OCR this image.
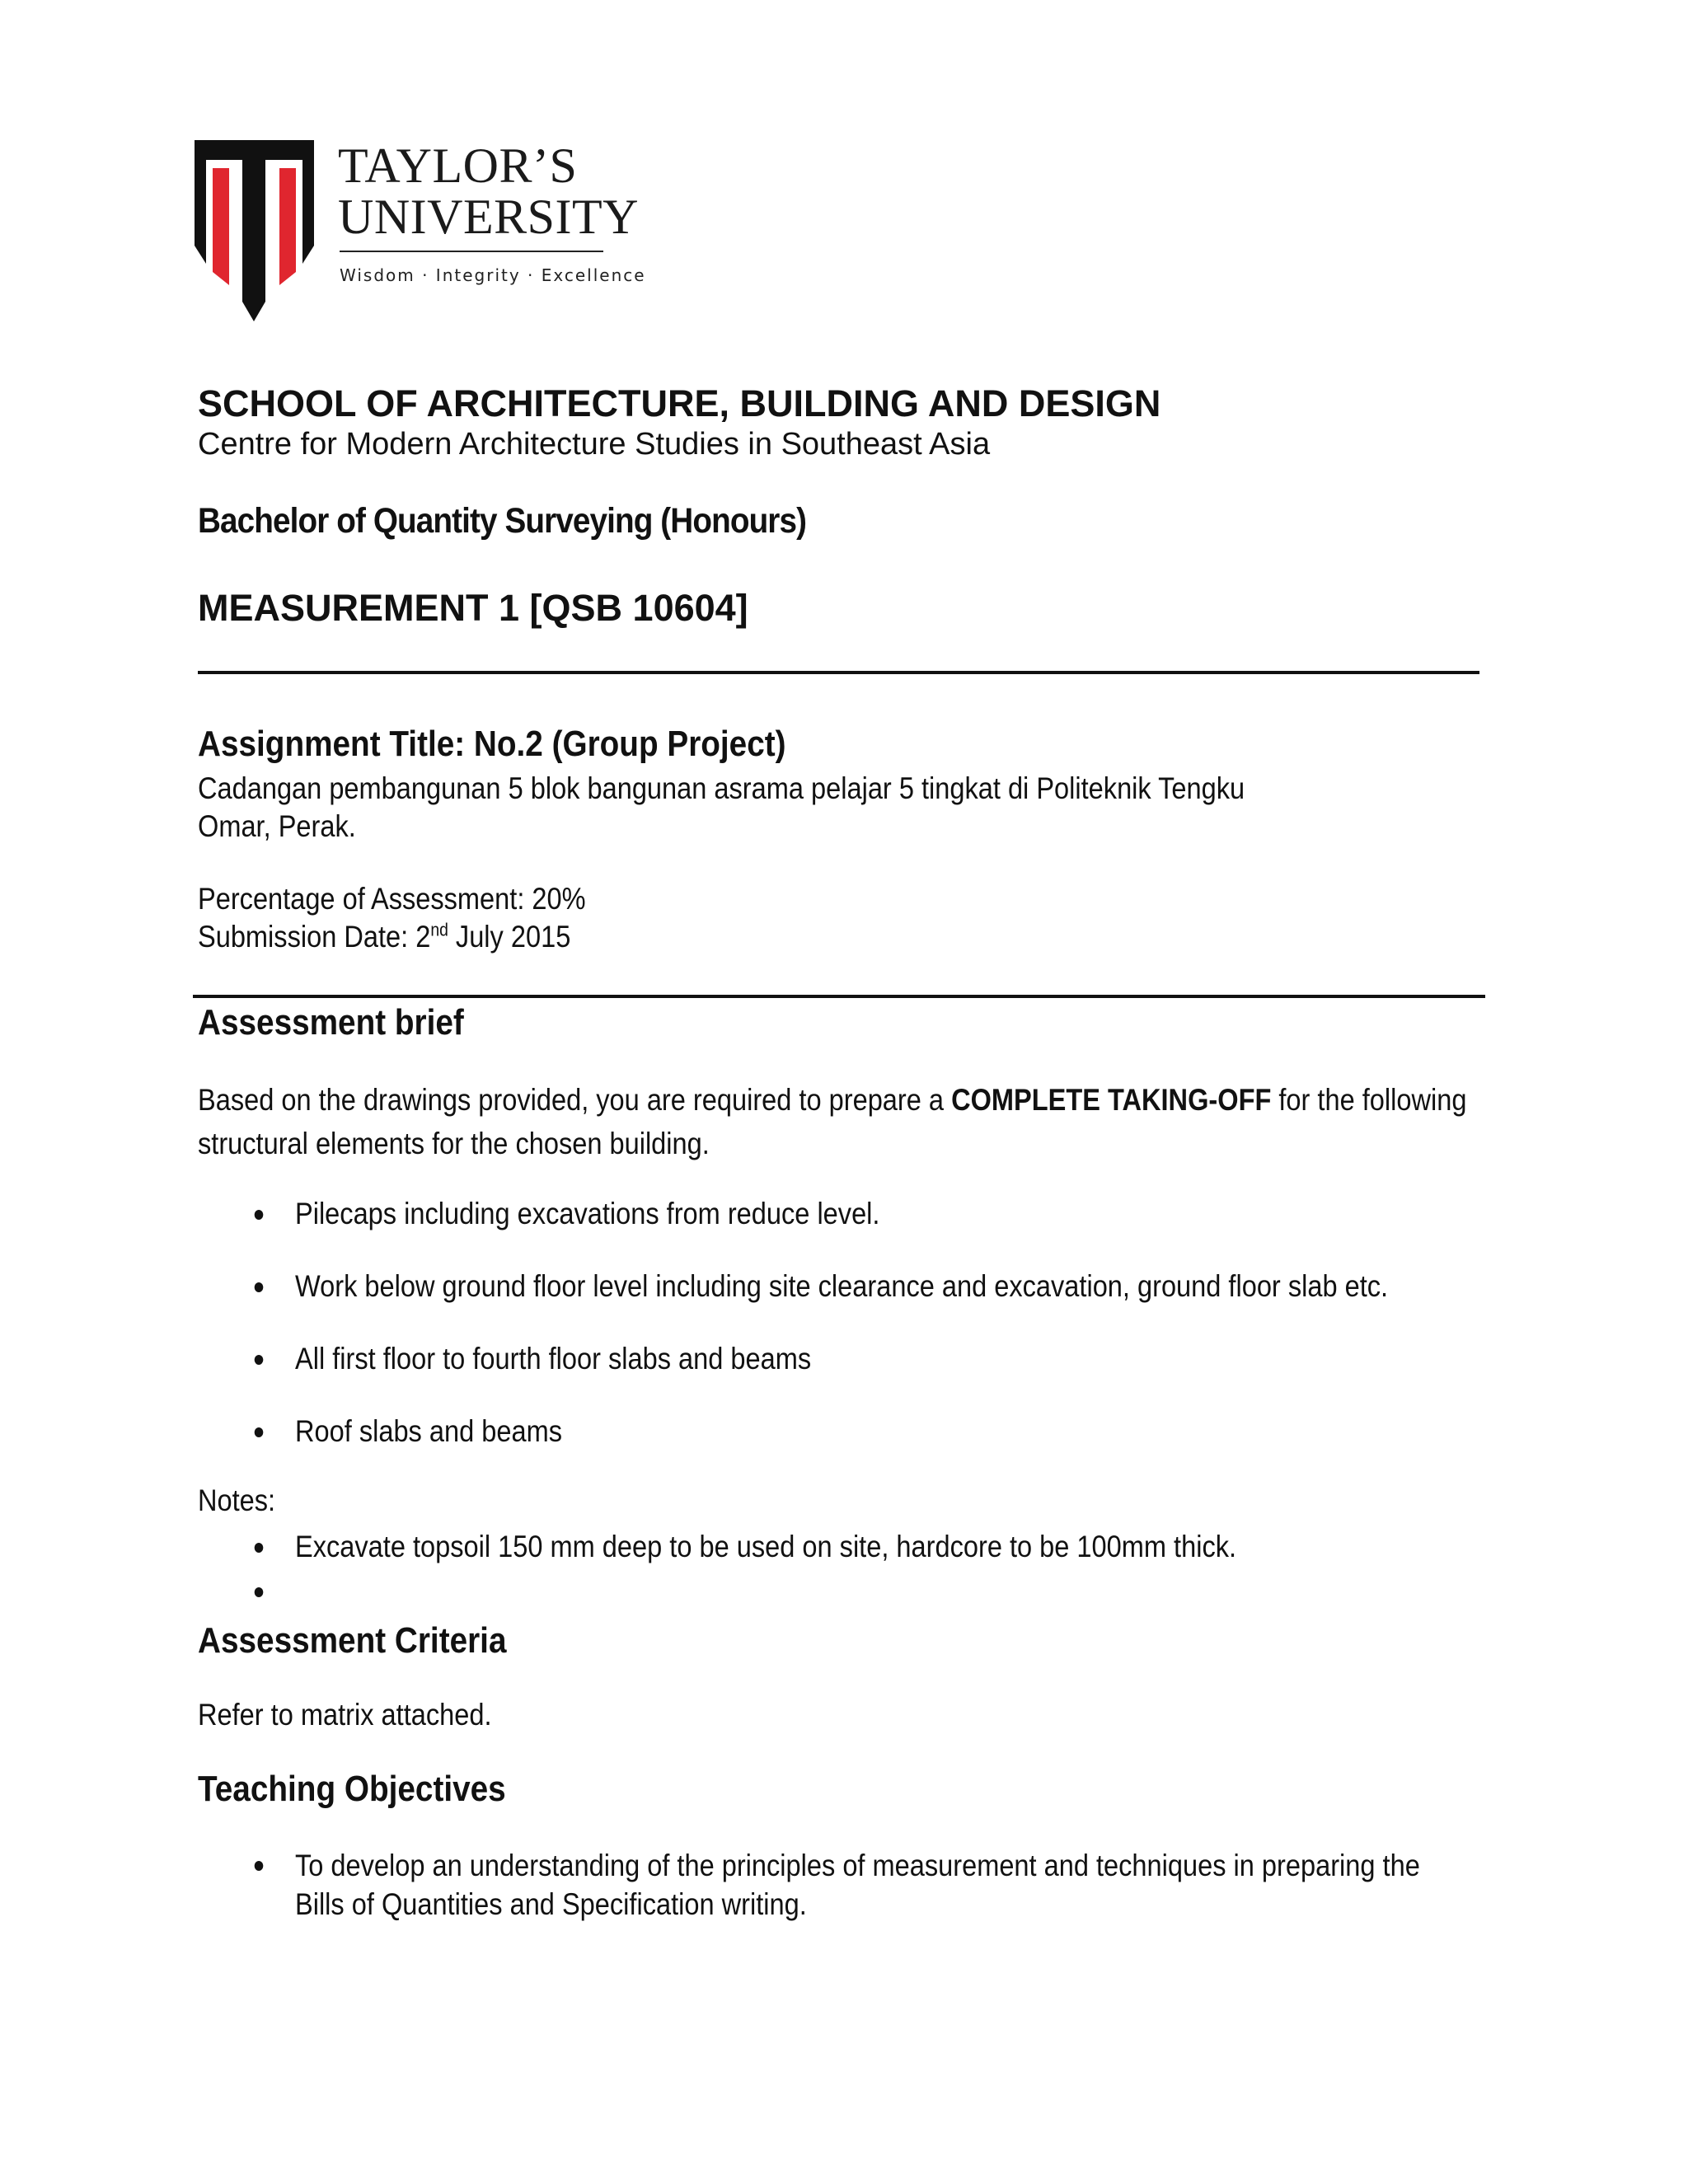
TAYLOR’S
UNIVERSITY
Wisdom · Integrity · Excellence
SCHOOL OF ARCHITECTURE, BUILDING AND DESIGN
Centre for Modern Architecture Studies in Southeast Asia
Bachelor of Quantity Surveying (Honours)
MEASUREMENT 1 [QSB 10604]
Assignment Title: No.2 (Group Project)
Cadangan pembangunan 5 blok bangunan asrama pelajar 5 tingkat di Politeknik Tengku
Omar, Perak.
Percentage of Assessment: 20%
Submission Date: 2nd July 2015
Assessment brief
Based on the drawings provided, you are required to prepare a COMPLETE TAKING-OFF for the following structural elements for the chosen building.
Pilecaps including excavations from reduce level.
Work below ground floor level including site clearance and excavation, ground floor slab etc.
All first floor to fourth floor slabs and beams
Roof slabs and beams
Notes:
Excavate topsoil 150 mm deep to be used on site, hardcore to be 100mm thick.
Assessment Criteria
Refer to matrix attached.
Teaching Objectives
To develop an understanding of the principles of measurement and techniques in preparing the
Bills of Quantities and Specification writing.
